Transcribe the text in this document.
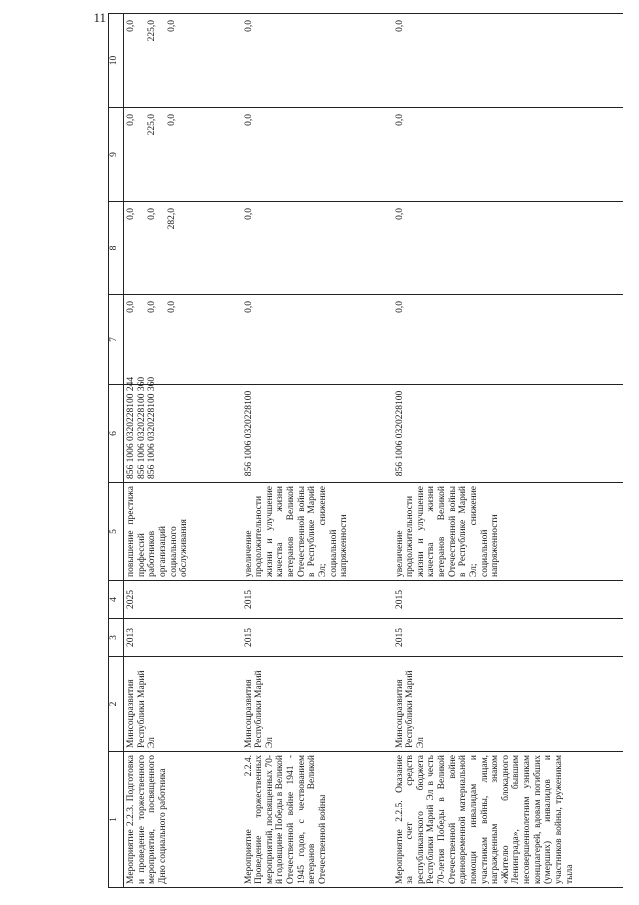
11
1	2	3	4	5	6	7	8	9	10
Мероприятие 2.2.3. Подготовка и проведение торжественного мероприятия, посвященного Дню социального работника	Минсоцразвития Республики Марий Эл	2013	2025	повышение престижа профессий работников организаций социального обслуживания	856 1006 0320228100 244 856 1006 0320228100 360 856 1006 0320228100 360	0,0 0,0 0,0	0,0 0,0 282,0	0,0 225,0 0,0	0,0 225,0 0,0

Мероприятие 2.2.4. Проведение торжественных мероприятий, посвященных 70-й годовщине Победы в Великой Отечественной войне 1941 - 1945 годов, с чествованием ветеранов Великой Отечественной войны	Минсоцразвития Республики Марий Эл	2015	2015	увеличение продолжительности жизни и улучшение качества жизни ветеранов Великой Отечественной войны в Республике Марий Эл; снижение социальной напряженности	856 1006 0320228100	0,0	0,0	0,0	0,0

Мероприятие 2.2.5. Оказание за счет средств республиканского бюджета Республики Марий Эл в честь 70-летия Победы в Великой Отечественной войне единовременной материальной помощи инвалидам и участникам войны, лицам, награжденным знаком «Жителю блокадного Ленинграда», бывшим несовершеннолетним узникам концлагерей, вдовам погибших (умерших) инвалидов и участников войны, труженикам тыла	Минсоцразвития Республики Марий Эл	2015	2015	увеличение продолжительности жизни и улучшение качества жизни ветеранов Великой Отечественной войны в Республике Марий Эл; снижение социальной напряженности	856 1006 0320228100	0,0	0,0	0,0	0,0
